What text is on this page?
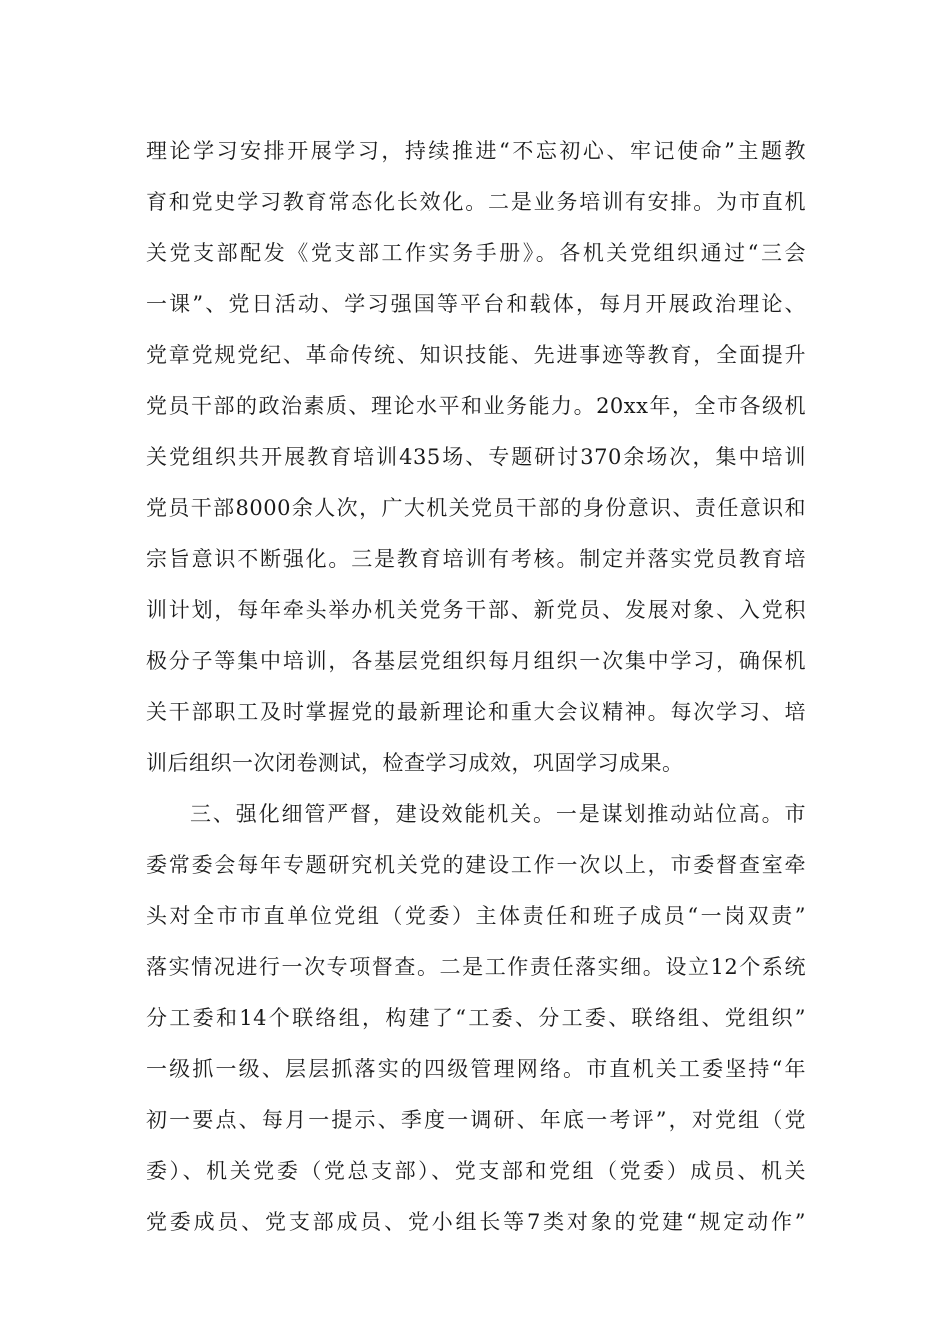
理论学习安排开展学习，持续推进“不忘初心、牢记使命”主题教
育和党史学习教育常态化长效化。二是业务培训有安排。为市直机
关党支部配发《党支部工作实务手册》。各机关党组织通过“三会
一课”、党日活动、学习强国等平台和载体，每月开展政治理论、
党章党规党纪、革命传统、知识技能、先进事迹等教育，全面提升
党员干部的政治素质、理论水平和业务能力。20xx年，全市各级机
关党组织共开展教育培训435场、专题研讨370余场次，集中培训
党员干部8000余人次，广大机关党员干部的身份意识、责任意识和
宗旨意识不断强化。三是教育培训有考核。制定并落实党员教育培
训计划，每年牵头举办机关党务干部、新党员、发展对象、入党积
极分子等集中培训，各基层党组织每月组织一次集中学习，确保机
关干部职工及时掌握党的最新理论和重大会议精神。每次学习、培
训后组织一次闭卷测试，检查学习成效，巩固学习成果。
三、强化细管严督，建设效能机关。一是谋划推动站位高。市
委常委会每年专题研究机关党的建设工作一次以上，市委督查室牵
头对全市市直单位党组（党委）主体责任和班子成员“一岗双责”
落实情况进行一次专项督查。二是工作责任落实细。设立12个系统
分工委和14个联络组，构建了“工委、分工委、联络组、党组织”
一级抓一级、层层抓落实的四级管理网络。市直机关工委坚持“年
初一要点、每月一提示、季度一调研、年底一考评”，对党组（党
委）、机关党委（党总支部）、党支部和党组（党委）成员、机关
党委成员、党支部成员、党小组长等7类对象的党建“规定动作”
